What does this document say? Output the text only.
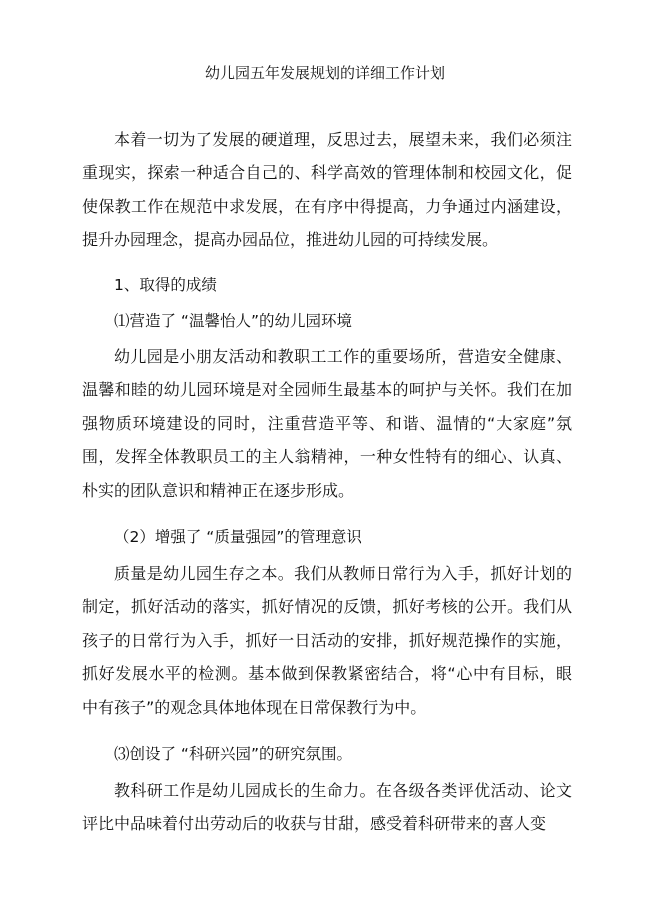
幼儿园五年发展规划的详细工作计划

本着一切为了发展的硬道理，反思过去，展望未来，我们必须注
重现实，探索一种适合自己的、科学高效的管理体制和校园文化，促
使保教工作在规范中求发展，在有序中得提高，力争通过内涵建设，
提升办园理念，提高办园品位，推进幼儿园的可持续发展。

1、取得的成绩
⑴营造了 “温馨怡人”的幼儿园环境

幼儿园是小朋友活动和教职工工作的重要场所，营造安全健康、
温馨和睦的幼儿园环境是对全园师生最基本的呵护与关怀。我们在加
强物质环境建设的同时，注重营造平等、和谐、温情的“大家庭”氛
围，发挥全体教职员工的主人翁精神，一种女性特有的细心、认真、
朴实的团队意识和精神正在逐步形成。

（2）增强了 “质量强园”的管理意识

质量是幼儿园生存之本。我们从教师日常行为入手，抓好计划的
制定，抓好活动的落实，抓好情况的反馈，抓好考核的公开。我们从
孩子的日常行为入手，抓好一日活动的安排，抓好规范操作的实施，
抓好发展水平的检测。基本做到保教紧密结合，将“心中有目标，眼
中有孩子”的观念具体地体现在日常保教行为中。

⑶创设了 “科研兴园”的研究氛围。

教科研工作是幼儿园成长的生命力。在各级各类评优活动、论文
评比中品味着付出劳动后的收获与甘甜，感受着科研带来的喜人变
